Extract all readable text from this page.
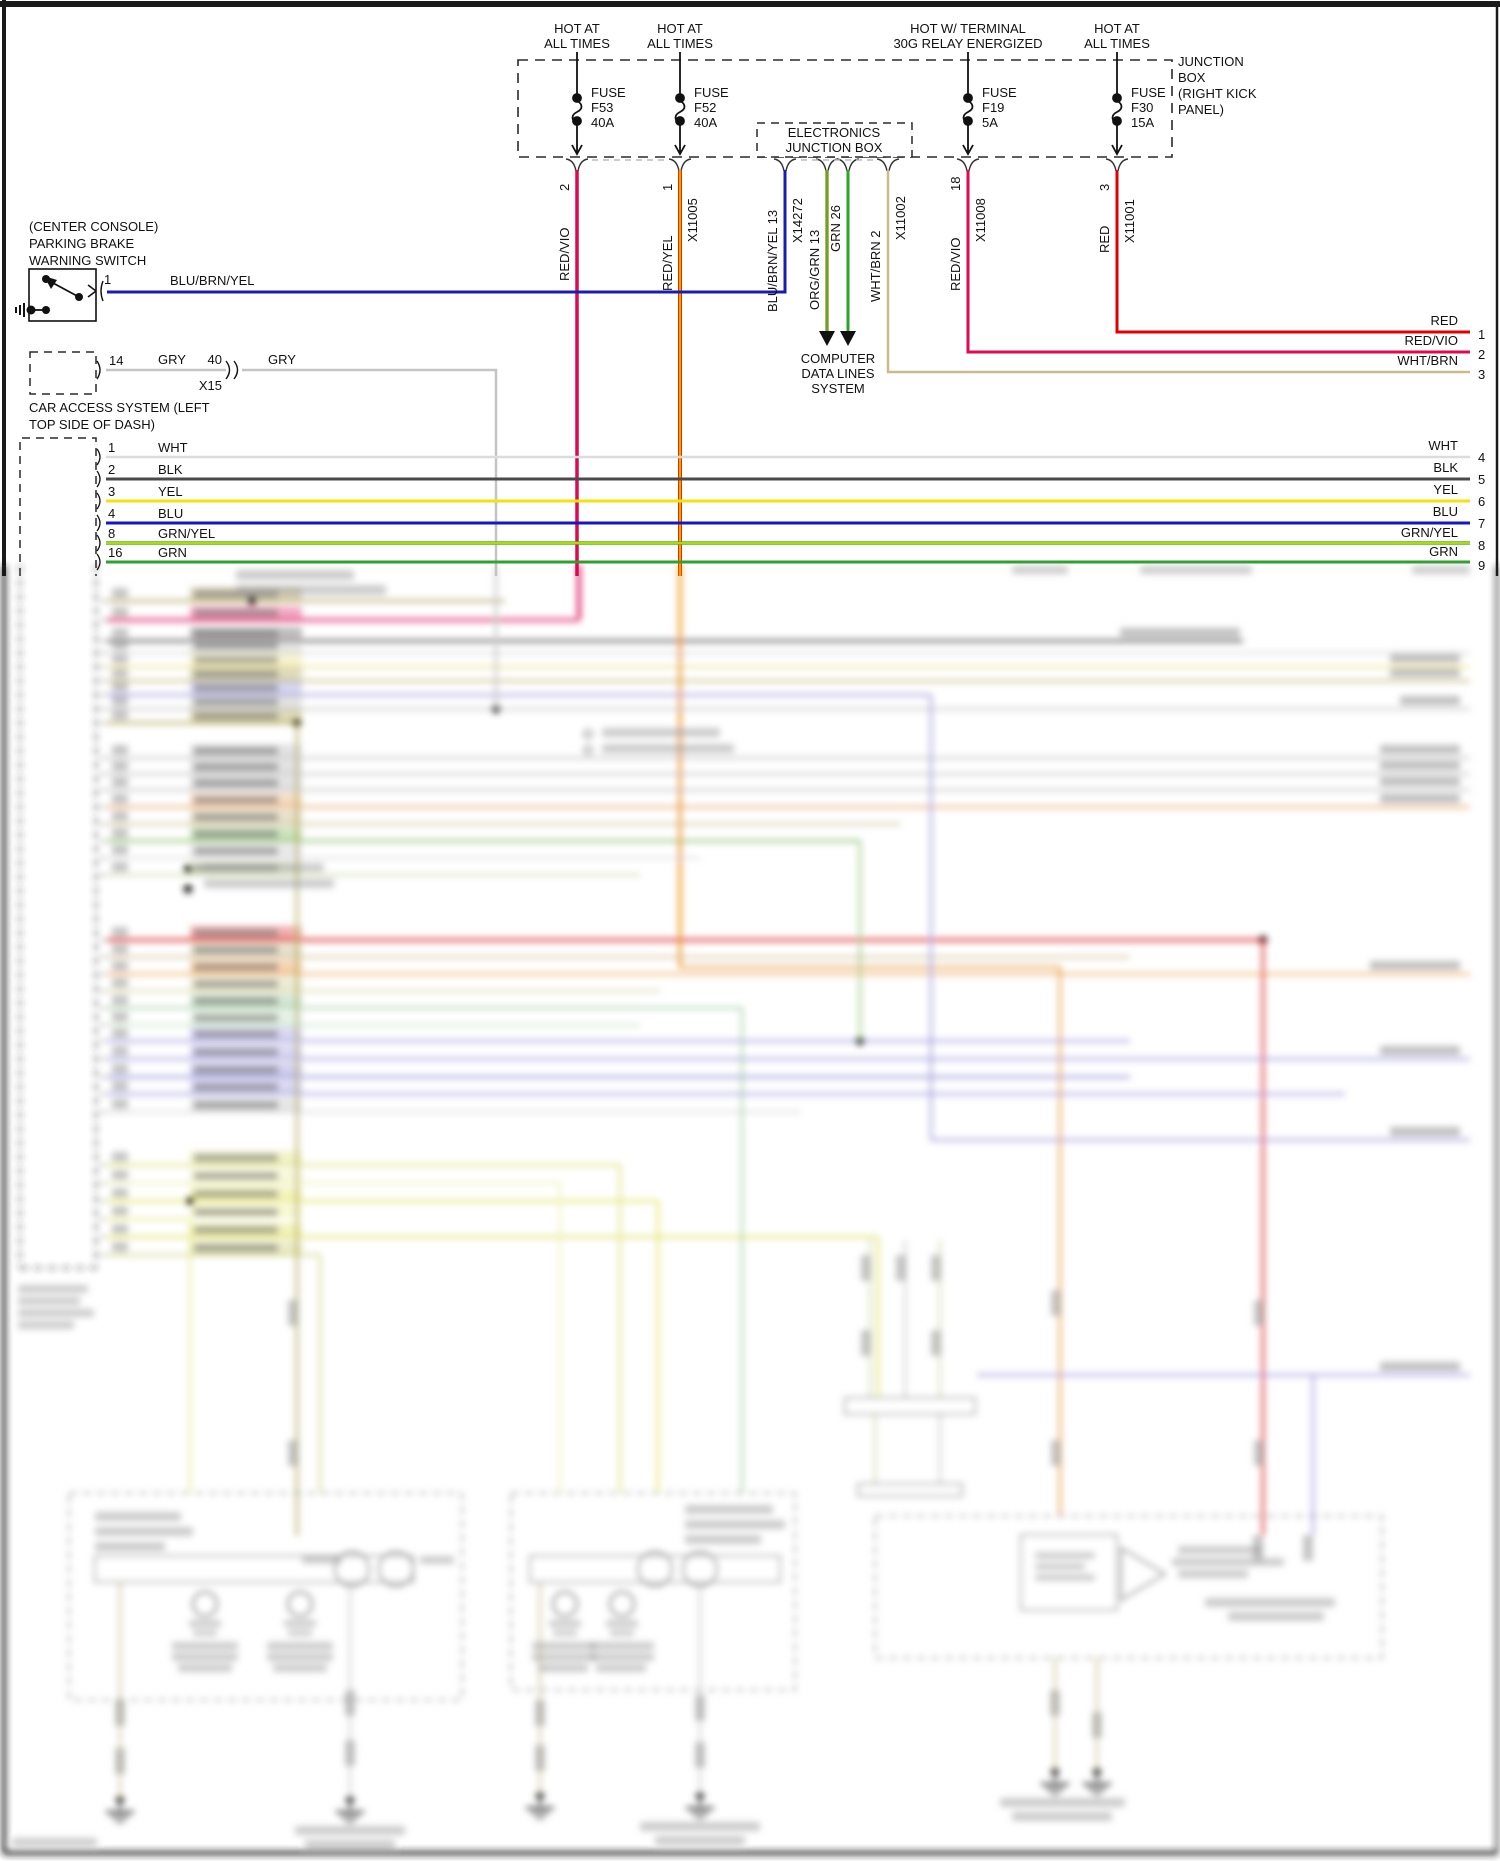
HOT AT
ALL TIMES
HOT AT
ALL TIMES
HOT W/ TERMINAL
30G RELAY ENERGIZED
HOT AT
ALL TIMES
FUSE
F53
40A
FUSE
F52
40A
FUSE
F19
5A
FUSE
F30
15A
JUNCTION
BOX
(RIGHT KICK
PANEL)
ELECTRONICS
JUNCTION BOX
COMPUTER
DATA LINES
SYSTEM
2
RED/VIO
1
X11005
RED/YEL	BLU/BRN/YEL 13 X14272
ORG/GRN 13
GRN 26
WHT/BRN 2
X11002
18
RED/VIO
X11008
3
RED X11001
RED
1
RED/VIO
2
WHT/BRN
3
(CENTER CONSOLE)
PARKING BRAKE
WARNING SWITCH
1	BLU/BRN/YEL
14	GRY 40
X15
GRY
CAR ACCESS SYSTEM (LEFT
TOP SIDE OF DASH)
1	WHT	WHT
4
2	BLK	BLK
5
3	YEL	YEL
6
4	BLU	BLU
7
8	GRN/YEL	GRN/YEL
8
16	GRN	GRN
9
